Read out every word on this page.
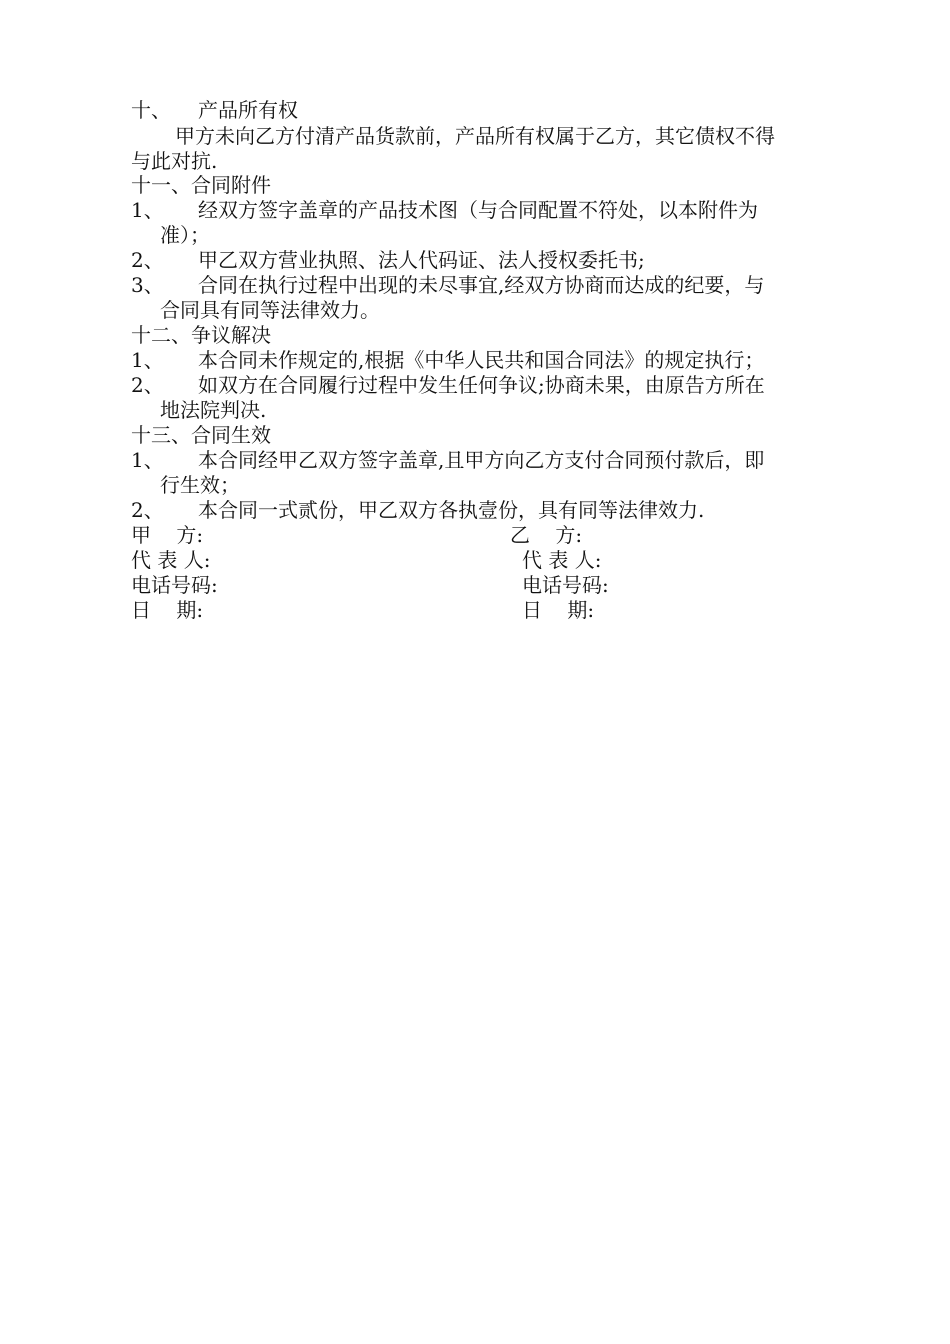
十、 产品所有权
甲方未向乙方付清产品货款前，产品所有权属于乙方，其它债权不得
与此对抗.
十一、合同附件
1、 经双方签字盖章的产品技术图（与合同配置不符处，以本附件为
准）；
2、 甲乙双方营业执照、法人代码证、法人授权委托书;
3、 合同在执行过程中出现的未尽事宜,经双方协商而达成的纪要，与
合同具有同等法律效力。
十二、争议解决
1、 本合同未作规定的,根据《中华人民共和国合同法》的规定执行；
2、 如双方在合同履行过程中发生任何争议;协商未果，由原告方所在
地法院判决.
十三、合同生效
1、 本合同经甲乙双方签字盖章,且甲方向乙方支付合同预付款后，即
行生效；
2、 本合同一式贰份，甲乙双方各执壹份，具有同等法律效力.
甲    方:	乙    方:
代 表 人:	代 表 人:
电话号码:	电话号码:
日    期:	日    期:
